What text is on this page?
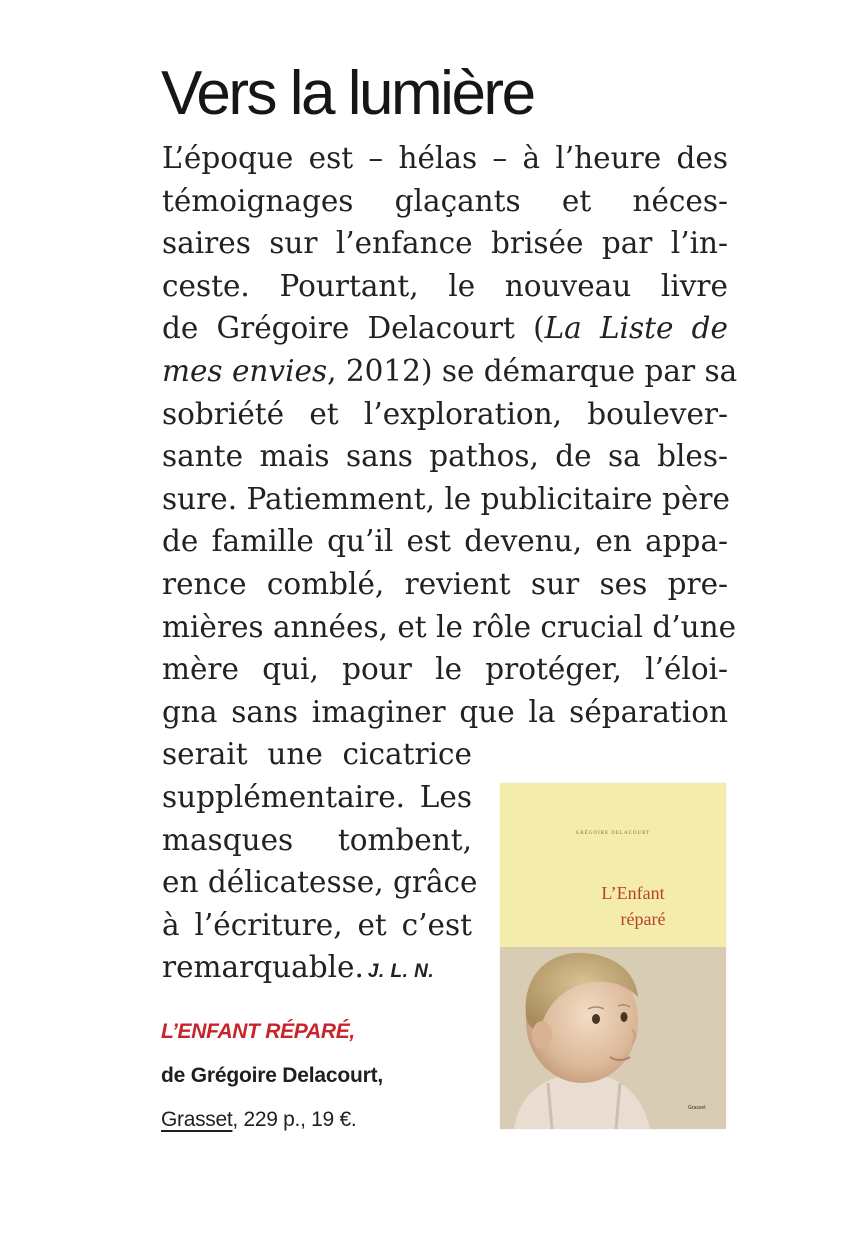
Vers la lumière
L’époque est – hélas – à l’heure des
témoignages glaçants et néces-
saires sur l’enfance brisée par l’in-
ceste. Pourtant, le nouveau livre
de Grégoire Delacourt (La Liste de
mes envies, 2012) se démarque par sa
sobriété et l’exploration, boulever-
sante mais sans pathos, de sa bles-
sure. Patiemment, le publicitaire père
de famille qu’il est devenu, en appa-
rence comblé, revient sur ses pre-
mières années, et le rôle crucial d’une
mère qui, pour le protéger, l’éloi-
gna sans imaginer que la séparation
serait une cicatrice
supplémentaire. Les
masques tombent,
en délicatesse, grâce
à l’écriture, et c’est
remarquable. J. L. N.
L’ENFANT RÉPARÉ,
de Grégoire Delacourt,
Grasset, 229 p., 19 €.
GRÉGOIRE DELACOURT
L’Enfant
réparé
Grasset
